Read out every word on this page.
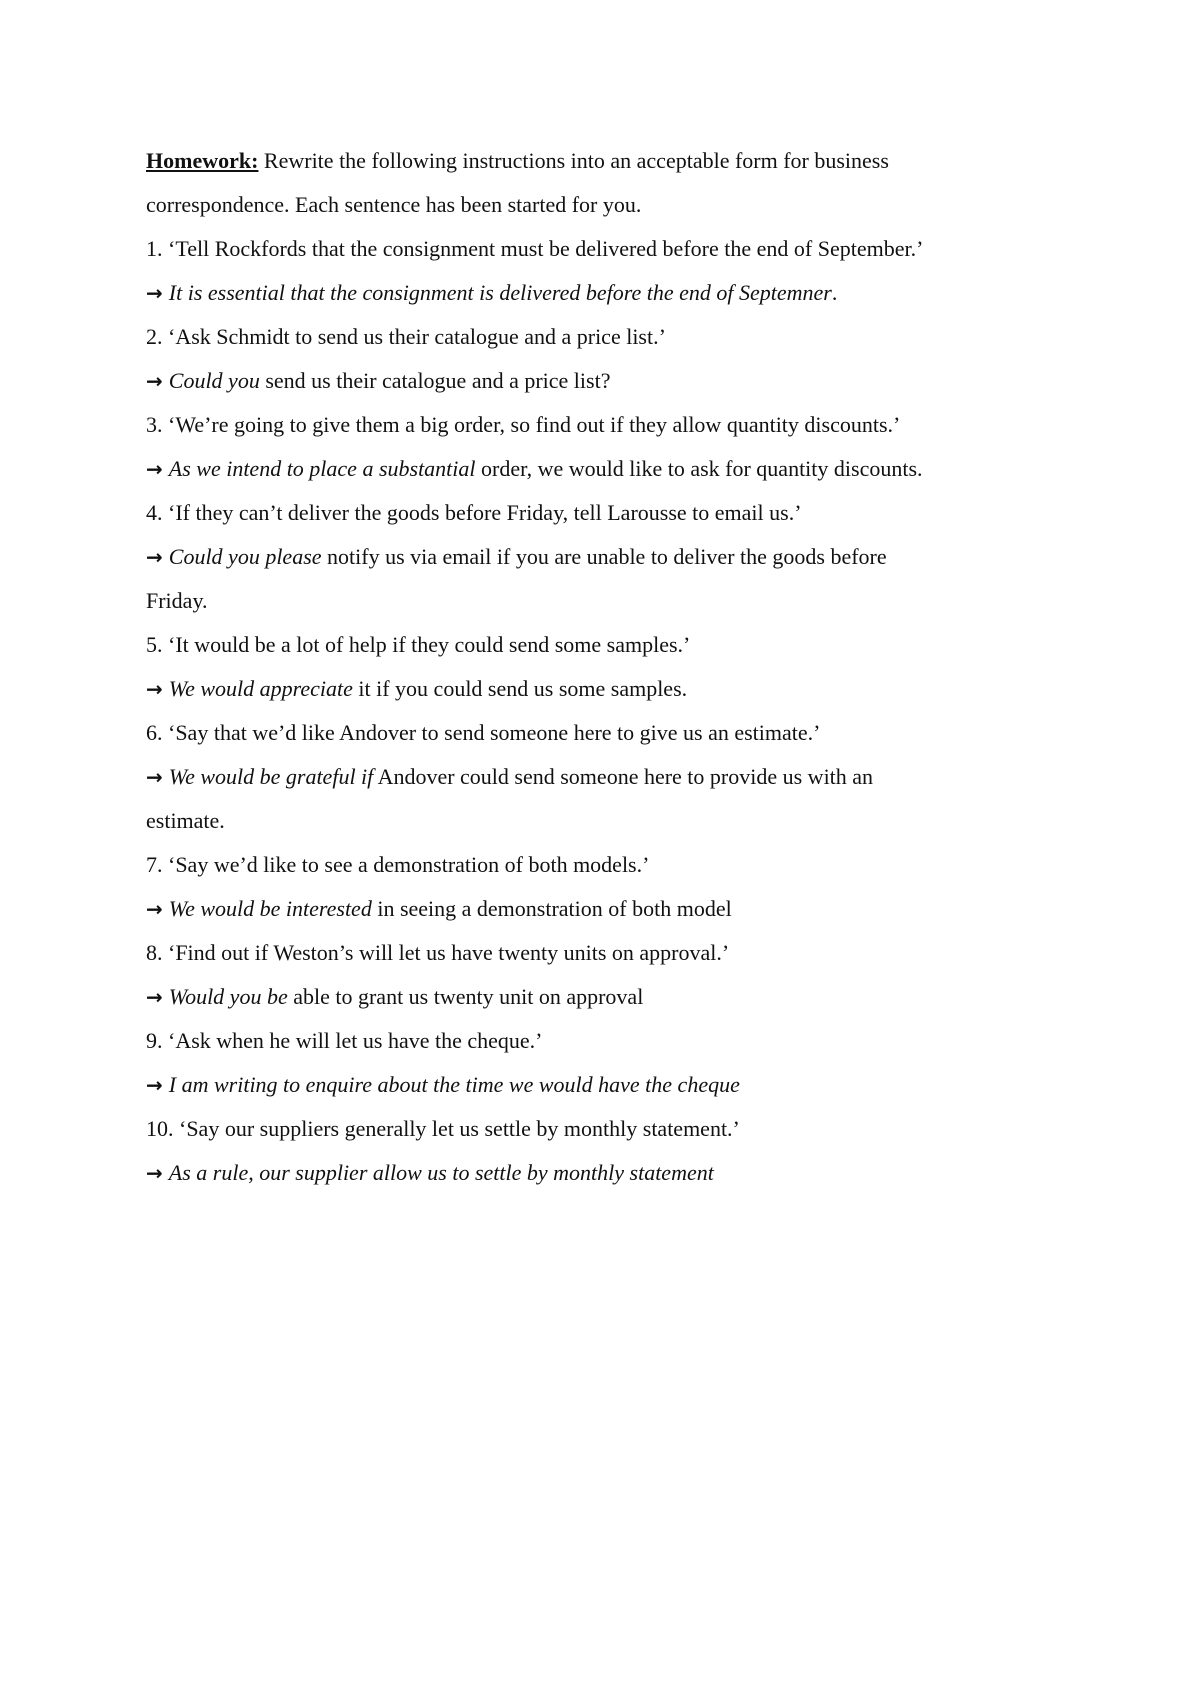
Homework: Rewrite the following instructions into an acceptable form for business
correspondence. Each sentence has been started for you.
1. ‘Tell Rockfords that the consignment must be delivered before the end of September.’
→ It is essential that the consignment is delivered before the end of Septemner.
2. ‘Ask Schmidt to send us their catalogue and a price list.’
→ Could you send us their catalogue and a price list?
3. ‘We’re going to give them a big order, so find out if they allow quantity discounts.’
→ As we intend to place a substantial order, we would like to ask for quantity discounts.
4. ‘If they can’t deliver the goods before Friday, tell Larousse to email us.’
→ Could you please notify us via email if you are unable to deliver the goods before
Friday.
5. ‘It would be a lot of help if they could send some samples.’
→ We would appreciate it if you could send us some samples.
6. ‘Say that we’d like Andover to send someone here to give us an estimate.’
→ We would be grateful if Andover could send someone here to provide us with an
estimate.
7. ‘Say we’d like to see a demonstration of both models.’
→ We would be interested in seeing a demonstration of both model
8. ‘Find out if Weston’s will let us have twenty units on approval.’
→ Would you be able to grant us twenty unit on approval
9. ‘Ask when he will let us have the cheque.’
→ I am writing to enquire about the time we would have the cheque
10. ‘Say our suppliers generally let us settle by monthly statement.’
→ As a rule, our supplier allow us to settle by monthly statement
